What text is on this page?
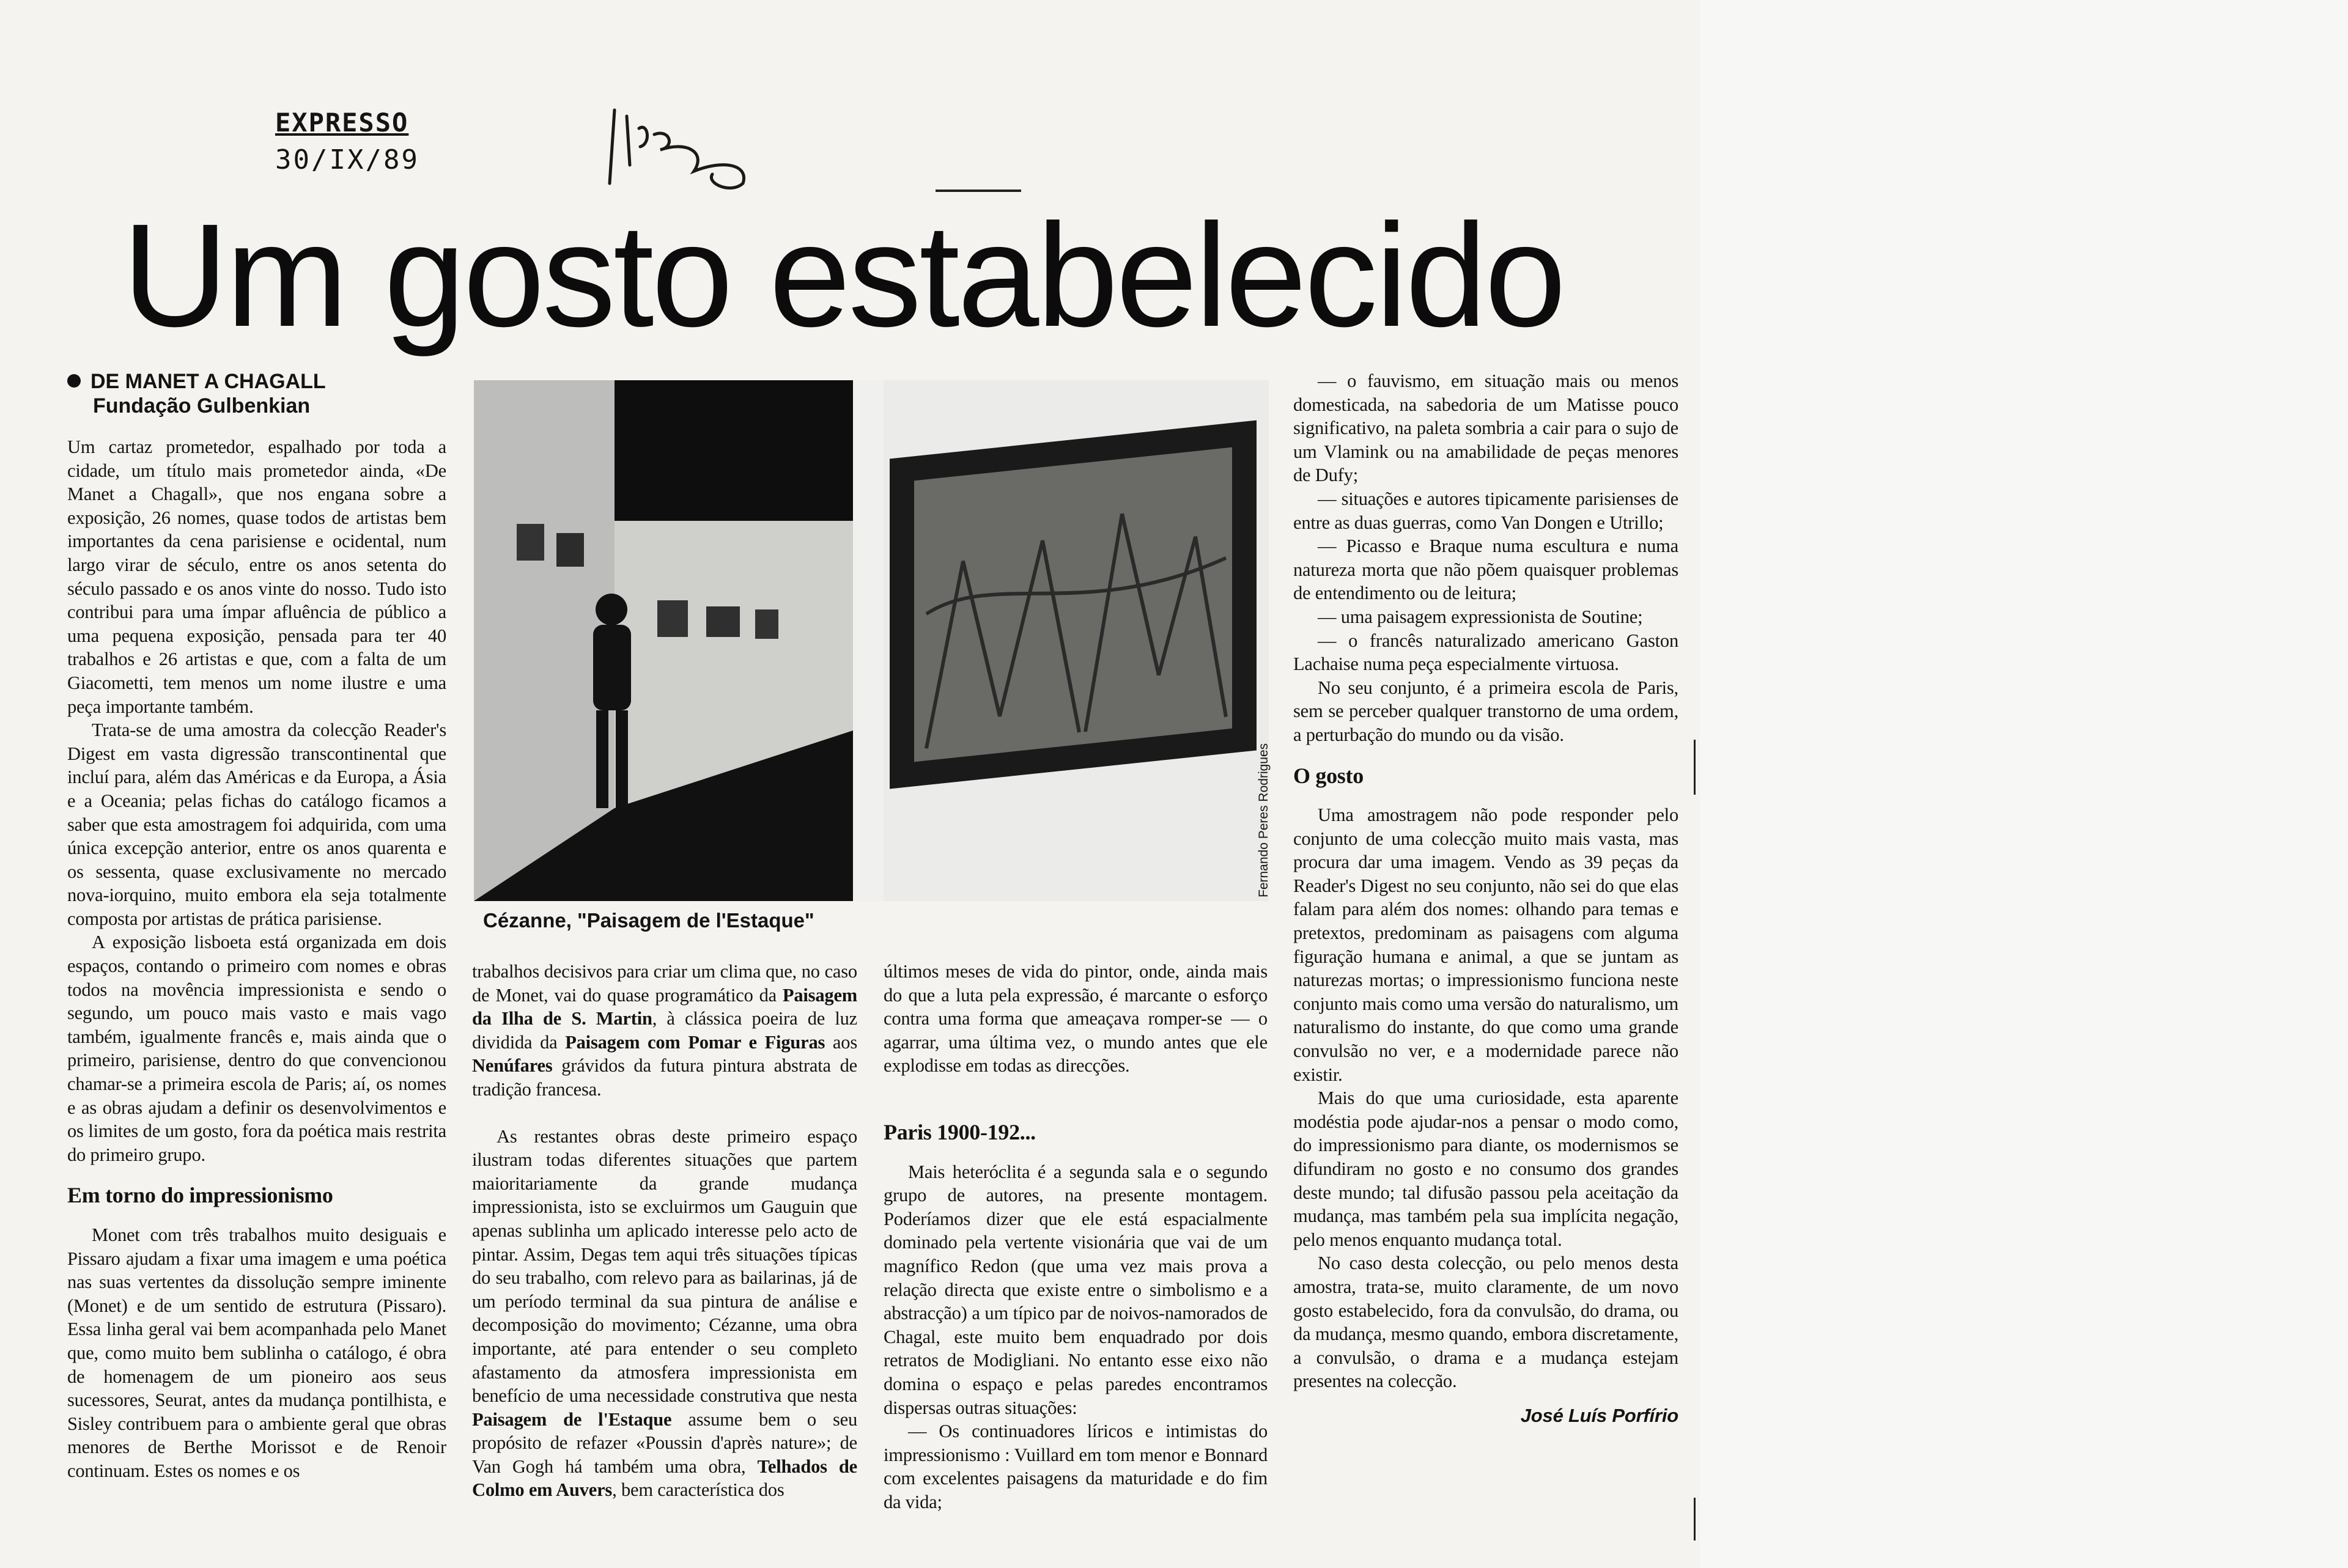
EXPRESSO
30/IX/89
Um gosto estabelecido
DE MANET A CHAGALL
Fundação Gulbenkian

Um cartaz prometedor, espalhado por toda a cidade, um título mais prometedor ainda, «De Manet a Chagall», que nos engana sobre a exposição, 26 nomes, quase todos de artistas bem importantes da cena parisiense e ocidental, num largo virar de século, entre os anos setenta do século passado e os anos vinte do nosso. Tudo isto contribui para uma ímpar afluência de público a uma pequena exposição, pensada para ter 40 trabalhos e 26 artistas e que, com a falta de um Giacometti, tem menos um nome ilustre e uma peça importante também.

Trata-se de uma amostra da colecção Reader's Digest em vasta digressão transcontinental que incluí para, além das Américas e da Europa, a Ásia e a Oceania; pelas fichas do catálogo ficamos a saber que esta amostragem foi adquirida, com uma única excepção anterior, entre os anos quarenta e os sessenta, quase exclusivamente no mercado nova-iorquino, muito embora ela seja totalmente composta por artistas de prática parisiense.

A exposição lisboeta está organizada em dois espaços, contando o primeiro com nomes e obras todos na movência impressionista e sendo o segundo, um pouco mais vasto e mais vago também, igualmente francês e, mais ainda que o primeiro, parisiense, dentro do que convencionou chamar-se a primeira escola de Paris; aí, os nomes e as obras ajudam a definir os desenvolvimentos e os limites de um gosto, fora da poética mais restrita do primeiro grupo.

Em torno do impressionismo

Monet com três trabalhos muito desiguais e Pissaro ajudam a fixar uma imagem e uma poética nas suas vertentes da dissolução sempre iminente (Monet) e de um sentido de estrutura (Pissaro). Essa linha geral vai bem acompanhada pelo Manet que, como muito bem sublinha o catálogo, é obra de homenagem de um pioneiro aos seus sucessores, Seurat, antes da mudança pontilhista, e Sisley contribuem para o ambiente geral que obras menores de Berthe Morissot e de Renoir continuam. Estes os nomes e os

Fernando Peres Rodrigues
Cézanne, "Paisagem de l'Estaque"

trabalhos decisivos para criar um clima que, no caso de Monet, vai do quase programático da Paisagem da Ilha de S. Martin, à clássica poeira de luz dividida da Paisagem com Pomar e Figuras aos Nenúfares grávidos da futura pintura abstrata de tradição francesa.

As restantes obras deste primeiro espaço ilustram todas diferentes situações que partem maioritariamente da grande mudança impressionista, isto se excluirmos um Gauguin que apenas sublinha um aplicado interesse pelo acto de pintar. Assim, Degas tem aqui três situações típicas do seu trabalho, com relevo para as bailarinas, já de um período terminal da sua pintura de análise e decomposição do movimento; Cézanne, uma obra importante, até para entender o seu completo afastamento da atmosfera impressionista em benefício de uma necessidade construtiva que nesta Paisagem de l'Estaque assume bem o seu propósito de refazer «Poussin d'après nature»; de Van Gogh há também uma obra, Telhados de Colmo em Auvers, bem característica dos

últimos meses de vida do pintor, onde, ainda mais do que a luta pela expressão, é marcante o esforço contra uma forma que ameaçava romper-se — o agarrar, uma última vez, o mundo antes que ele explodisse em todas as direcções.

Paris 1900-192...

Mais heteróclita é a segunda sala e o segundo grupo de autores, na presente montagem. Poderíamos dizer que ele está espacialmente dominado pela vertente visionária que vai de um magnífico Redon (que uma vez mais prova a relação directa que existe entre o simbolismo e a abstracção) a um típico par de noivos-namorados de Chagal, este muito bem enquadrado por dois retratos de Modigliani. No entanto esse eixo não domina o espaço e pelas paredes encontramos dispersas outras situações:

— Os continuadores líricos e intimistas do impressionismo : Vuillard em tom menor e Bonnard com excelentes paisagens da maturidade e do fim da vida;

— o fauvismo, em situação mais ou menos domesticada, na sabedoria de um Matisse pouco significativo, na paleta sombria a cair para o sujo de um Vlamink ou na amabilidade de peças menores de Dufy;

— situações e autores tipicamente parisienses de entre as duas guerras, como Van Dongen e Utrillo;

— Picasso e Braque numa escultura e numa natureza morta que não põem quaisquer problemas de entendimento ou de leitura;

— uma paisagem expressionista de Soutine;

— o francês naturalizado americano Gaston Lachaise numa peça especialmente virtuosa.

No seu conjunto, é a primeira escola de Paris, sem se perceber qualquer transtorno de uma ordem, a perturbação do mundo ou da visão.

O gosto

Uma amostragem não pode responder pelo conjunto de uma colecção muito mais vasta, mas procura dar uma imagem. Vendo as 39 peças da Reader's Digest no seu conjunto, não sei do que elas falam para além dos nomes: olhando para temas e pretextos, predominam as paisagens com alguma figuração humana e animal, a que se juntam as naturezas mortas; o impressionismo funciona neste conjunto mais como uma versão do naturalismo, um naturalismo do instante, do que como uma grande convulsão no ver, e a modernidade parece não existir.

Mais do que uma curiosidade, esta aparente modéstia pode ajudar-nos a pensar o modo como, do impressionismo para diante, os modernismos se difundiram no gosto e no consumo dos grandes deste mundo; tal difusão passou pela aceitação da mudança, mas também pela sua implícita negação, pelo menos enquanto mudança total.

No caso desta colecção, ou pelo menos desta amostra, trata-se, muito claramente, de um novo gosto estabelecido, fora da convulsão, do drama, ou da mudança, mesmo quando, embora discretamente, a convulsão, o drama e a mudança estejam presentes na colecção.

José Luís Porfírio
